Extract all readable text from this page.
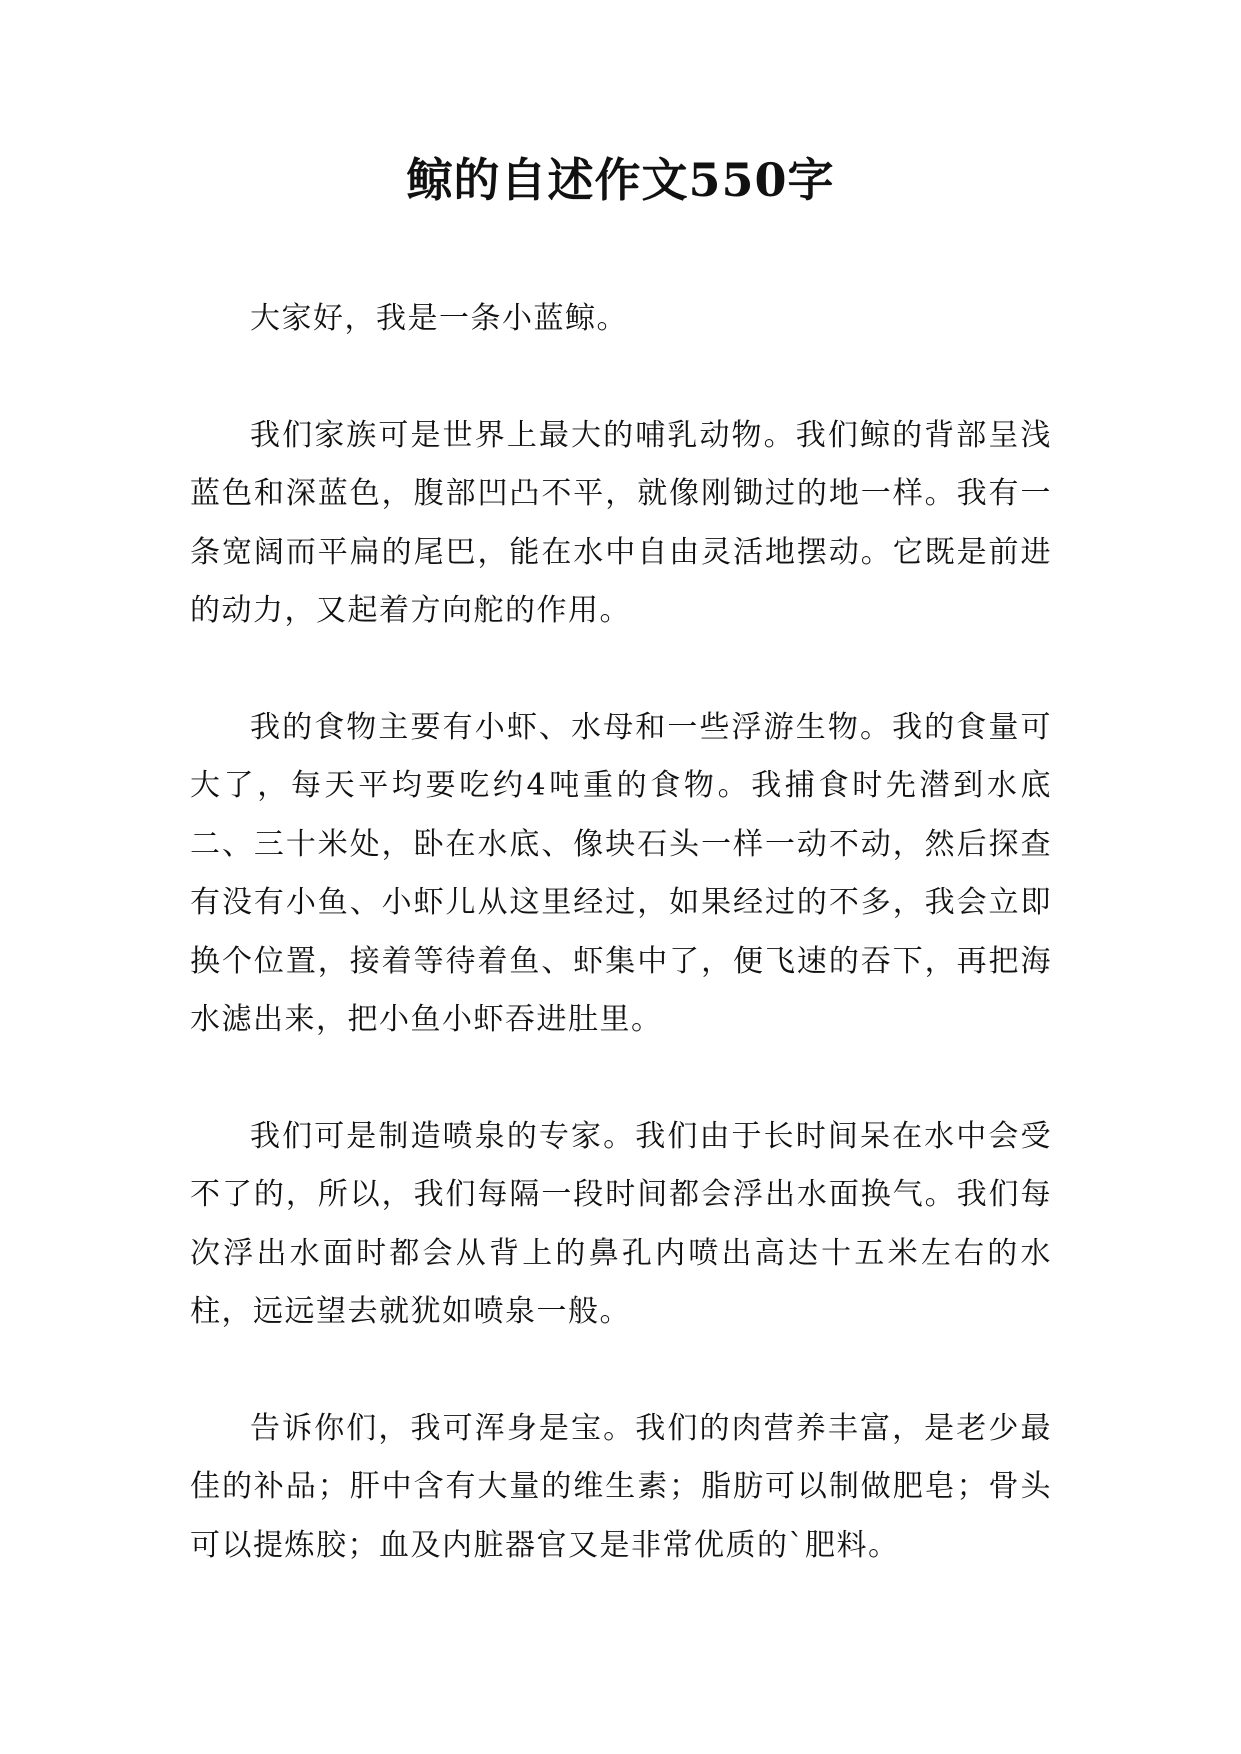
鲸的自述作文550字

大家好，我是一条小蓝鲸。

我们家族可是世界上最大的哺乳动物。我们鲸的背部呈浅蓝色和深蓝色，腹部凹凸不平，就像刚锄过的地一样。我有一条宽阔而平扁的尾巴，能在水中自由灵活地摆动。它既是前进的动力，又起着方向舵的作用。

我的食物主要有小虾、水母和一些浮游生物。我的食量可大了，每天平均要吃约4吨重的食物。我捕食时先潜到水底二、三十米处，卧在水底、像块石头一样一动不动，然后探查有没有小鱼、小虾儿从这里经过，如果经过的不多，我会立即换个位置，接着等待着鱼、虾集中了，便飞速的吞下，再把海水滤出来，把小鱼小虾吞进肚里。

我们可是制造喷泉的专家。我们由于长时间呆在水中会受不了的，所以，我们每隔一段时间都会浮出水面换气。我们每次浮出水面时都会从背上的鼻孔内喷出高达十五米左右的水柱，远远望去就犹如喷泉一般。

告诉你们，我可浑身是宝。我们的肉营养丰富，是老少最佳的补品；肝中含有大量的维生素；脂肪可以制做肥皂；骨头可以提炼胶；血及内脏器官又是非常优质的`肥料。
